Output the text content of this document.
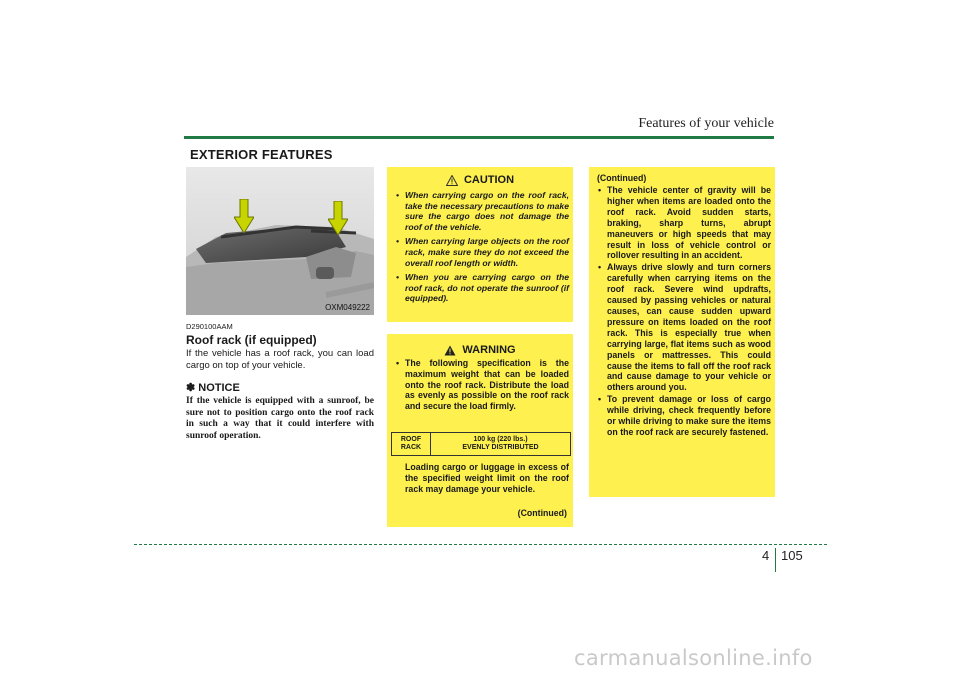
Features of your vehicle
EXTERIOR FEATURES
OXM049222
D290100AAM
Roof rack (if equipped)
If the vehicle has a roof rack, you can load cargo on top of your vehicle.
✽ NOTICE
If the vehicle is equipped with a sunroof, be sure not to position cargo onto the roof rack in such a way that it could interfere with sunroof operation.
CAUTION
• When carrying cargo on the roof rack, take the necessary precautions to make sure the cargo does not damage the roof of the vehicle.
• When carrying large objects on the roof rack, make sure they do not exceed the overall roof length or width.
• When you are carrying cargo on the roof rack, do not operate the sunroof (if equipped).
WARNING
• The following specification is the maximum weight that can be loaded onto the roof rack. Distribute the load as evenly as possible on the roof rack and secure the load firmly.
ROOF
RACK
100 kg (220 lbs.)
EVENLY DISTRIBUTED
Loading cargo or luggage in excess of the specified weight limit on the roof rack may damage your vehicle.
(Continued)
(Continued)
• The vehicle center of gravity will be higher when items are loaded onto the roof rack. Avoid sudden starts, braking, sharp turns, abrupt maneuvers or high speeds that may result in loss of vehicle control or rollover resulting in an accident.
• Always drive slowly and turn corners carefully when carrying items on the roof rack. Severe wind updrafts, caused by passing vehicles or natural causes, can cause sudden upward pressure on items loaded on the roof rack. This is especially true when carrying large, flat items such as wood panels or mattresses. This could cause the items to fall off the roof rack and cause damage to your vehicle or others around you.
• To prevent damage or loss of cargo while driving, check frequently before or while driving to make sure the items on the roof rack are securely fastened.
4 105
carmanualsonline.info
